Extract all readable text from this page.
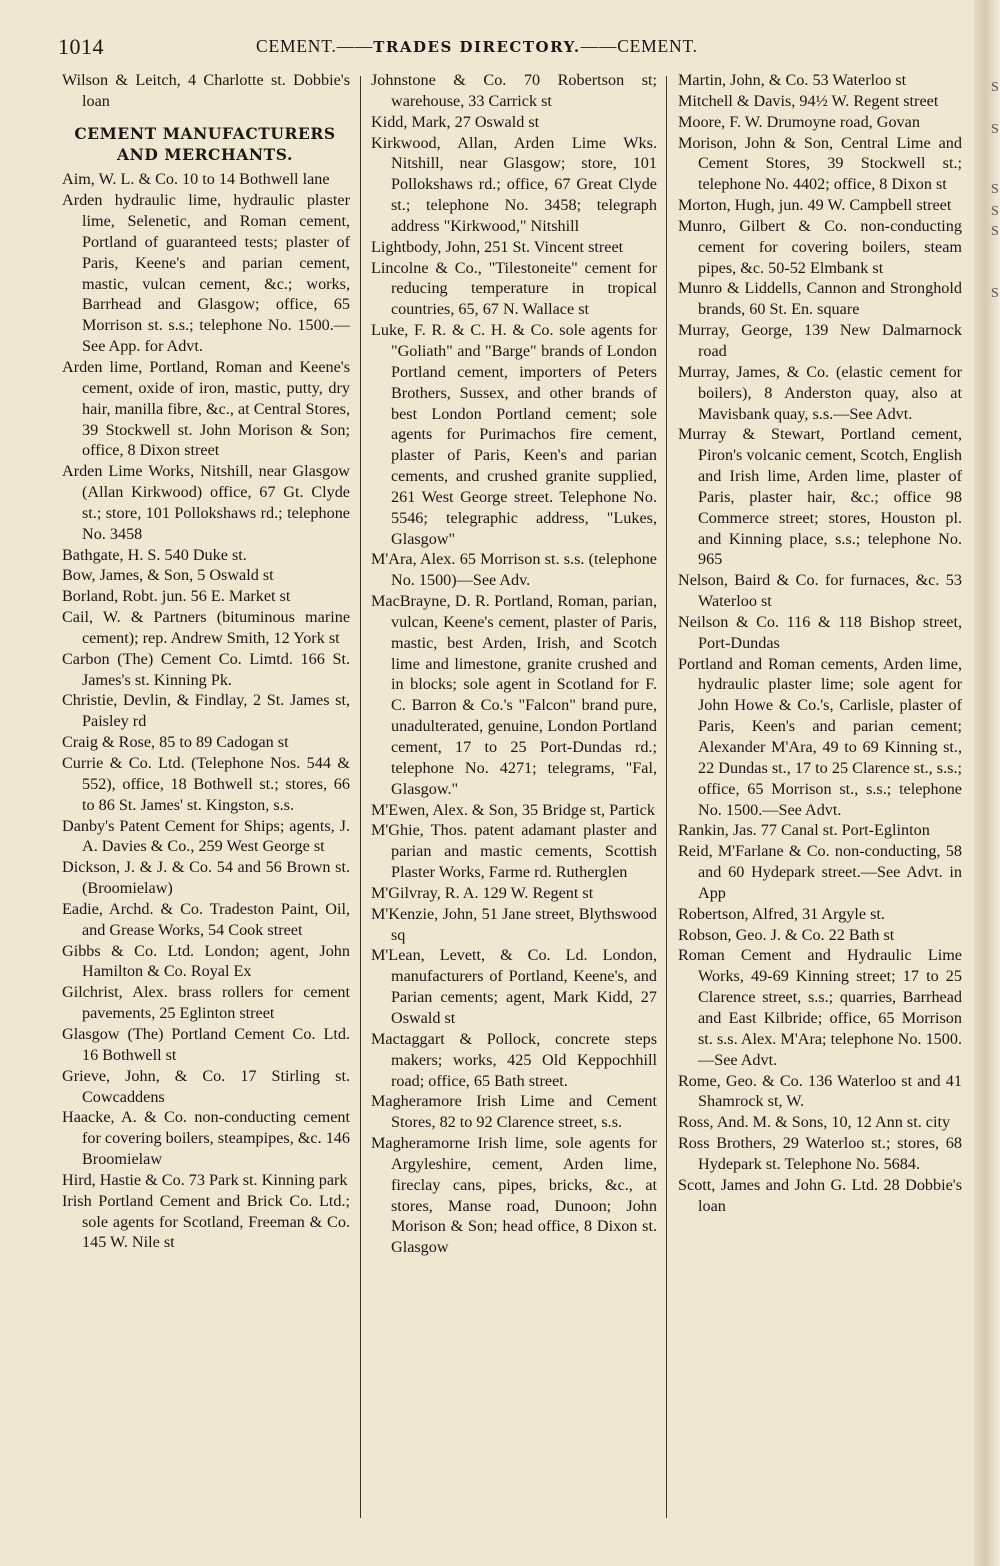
S
S
S
S
S
S
1014	CEMENT.——TRADES DIRECTORY.——CEMENT.

Wilson & Leitch, 4 Charlotte st. Dobbie's loan

CEMENT MANUFACTURERS AND MERCHANTS.

Aim, W. L. & Co. 10 to 14 Bothwell lane

Arden hydraulic lime, hydraulic plaster lime, Selenetic, and Roman cement, Portland of guaranteed tests; plaster of Paris, Keene's and parian cement, mastic, vulcan cement, &c.; works, Barrhead and Glasgow; office, 65 Morrison st. s.s.; telephone No. 1500.—See App. for Advt.

Arden lime, Portland, Roman and Keene's cement, oxide of iron, mastic, putty, dry hair, manilla fibre, &c., at Central Stores, 39 Stockwell st. John Morison & Son; office, 8 Dixon street

Arden Lime Works, Nitshill, near Glasgow (Allan Kirkwood) office, 67 Gt. Clyde st.; store, 101 Pollokshaws rd.; telephone No. 3458

Bathgate, H. S. 540 Duke st.

Bow, James, & Son, 5 Oswald st

Borland, Robt. jun. 56 E. Market st

Cail, W. & Partners (bituminous marine cement); rep. Andrew Smith, 12 York st

Carbon (The) Cement Co. Limtd. 166 St. James's st. Kinning Pk.

Christie, Devlin, & Findlay, 2 St. James st, Paisley rd

Craig & Rose, 85 to 89 Cadogan st

Currie & Co. Ltd. (Telephone Nos. 544 & 552), office, 18 Bothwell st.; stores, 66 to 86 St. James' st. Kingston, s.s.

Danby's Patent Cement for Ships; agents, J. A. Davies & Co., 259 West George st

Dickson, J. & J. & Co. 54 and 56 Brown st. (Broomielaw)

Eadie, Archd. & Co. Tradeston Paint, Oil, and Grease Works, 54 Cook street

Gibbs & Co. Ltd. London; agent, John Hamilton & Co. Royal Ex

Gilchrist, Alex. brass rollers for cement pavements, 25 Eglinton street

Glasgow (The) Portland Cement Co. Ltd. 16 Bothwell st

Grieve, John, & Co. 17 Stirling st. Cowcaddens

Haacke, A. & Co. non-conducting cement for covering boilers, steampipes, &c. 146 Broomielaw

Hird, Hastie & Co. 73 Park st. Kinning park

Irish Portland Cement and Brick Co. Ltd.; sole agents for Scotland, Freeman & Co. 145 W. Nile st

Johnstone & Co. 70 Robertson st; warehouse, 33 Carrick st

Kidd, Mark, 27 Oswald st

Kirkwood, Allan, Arden Lime Wks. Nitshill, near Glasgow; store, 101 Pollokshaws rd.; office, 67 Great Clyde st.; telephone No. 3458; telegraph address "Kirkwood," Nitshill

Lightbody, John, 251 St. Vincent street

Lincolne & Co., "Tilestoneite" cement for reducing temperature in tropical countries, 65, 67 N. Wallace st

Luke, F. R. & C. H. & Co. sole agents for "Goliath" and "Barge" brands of London Portland cement, importers of Peters Brothers, Sussex, and other brands of best London Portland cement; sole agents for Purimachos fire cement, plaster of Paris, Keen's and parian cements, and crushed granite supplied, 261 West George street. Telephone No. 5546; telegraphic address, "Lukes, Glasgow"

M'Ara, Alex. 65 Morrison st. s.s. (telephone No. 1500)—See Adv.

MacBrayne, D. R. Portland, Roman, parian, vulcan, Keene's cement, plaster of Paris, mastic, best Arden, Irish, and Scotch lime and limestone, granite crushed and in blocks; sole agent in Scotland for F. C. Barron & Co.'s "Falcon" brand pure, unadulterated, genuine, London Portland cement, 17 to 25 Port-Dundas rd.; telephone No. 4271; telegrams, "Fal, Glasgow."

M'Ewen, Alex. & Son, 35 Bridge st, Partick

M'Ghie, Thos. patent adamant plaster and parian and mastic cements, Scottish Plaster Works, Farme rd. Rutherglen

M'Gilvray, R. A. 129 W. Regent st

M'Kenzie, John, 51 Jane street, Blythswood sq

M'Lean, Levett, & Co. Ld. London, manufacturers of Portland, Keene's, and Parian cements; agent, Mark Kidd, 27 Oswald st

Mactaggart & Pollock, concrete steps makers; works, 425 Old Keppochhill road; office, 65 Bath street.

Magheramore Irish Lime and Cement Stores, 82 to 92 Clarence street, s.s.

Magheramorne Irish lime, sole agents for Argyleshire, cement, Arden lime, fireclay cans, pipes, bricks, &c., at stores, Manse road, Dunoon; John Morison & Son; head office, 8 Dixon st. Glasgow

Martin, John, & Co. 53 Waterloo st

Mitchell & Davis, 94½ W. Regent street

Moore, F. W. Drumoyne road, Govan

Morison, John & Son, Central Lime and Cement Stores, 39 Stockwell st.; telephone No. 4402; office, 8 Dixon st

Morton, Hugh, jun. 49 W. Campbell street

Munro, Gilbert & Co. non-conducting cement for covering boilers, steam pipes, &c. 50-52 Elmbank st

Munro & Liddells, Cannon and Stronghold brands, 60 St. En. square

Murray, George, 139 New Dalmarnock road

Murray, James, & Co. (elastic cement for boilers), 8 Anderston quay, also at Mavisbank quay, s.s.—See Advt.

Murray & Stewart, Portland cement, Piron's volcanic cement, Scotch, English and Irish lime, Arden lime, plaster of Paris, plaster hair, &c.; office 98 Commerce street; stores, Houston pl. and Kinning place, s.s.; telephone No. 965

Nelson, Baird & Co. for furnaces, &c. 53 Waterloo st

Neilson & Co. 116 & 118 Bishop street, Port-Dundas

Portland and Roman cements, Arden lime, hydraulic plaster lime; sole agent for John Howe & Co.'s, Carlisle, plaster of Paris, Keen's and parian cement; Alexander M'Ara, 49 to 69 Kinning st., 22 Dundas st., 17 to 25 Clarence st., s.s.; office, 65 Morrison st., s.s.; telephone No. 1500.—See Advt.

Rankin, Jas. 77 Canal st. Port-Eglinton

Reid, M'Farlane & Co. non-conducting, 58 and 60 Hydepark street.—See Advt. in App

Robertson, Alfred, 31 Argyle st.

Robson, Geo. J. & Co. 22 Bath st

Roman Cement and Hydraulic Lime Works, 49-69 Kinning street; 17 to 25 Clarence street, s.s.; quarries, Barrhead and East Kilbride; office, 65 Morrison st. s.s. Alex. M'Ara; telephone No. 1500.—See Advt.

Rome, Geo. & Co. 136 Waterloo st and 41 Shamrock st, W.

Ross, And. M. & Sons, 10, 12 Ann st. city

Ross Brothers, 29 Waterloo st.; stores, 68 Hydepark st. Telephone No. 5684.

Scott, James and John G. Ltd. 28 Dobbie's loan
